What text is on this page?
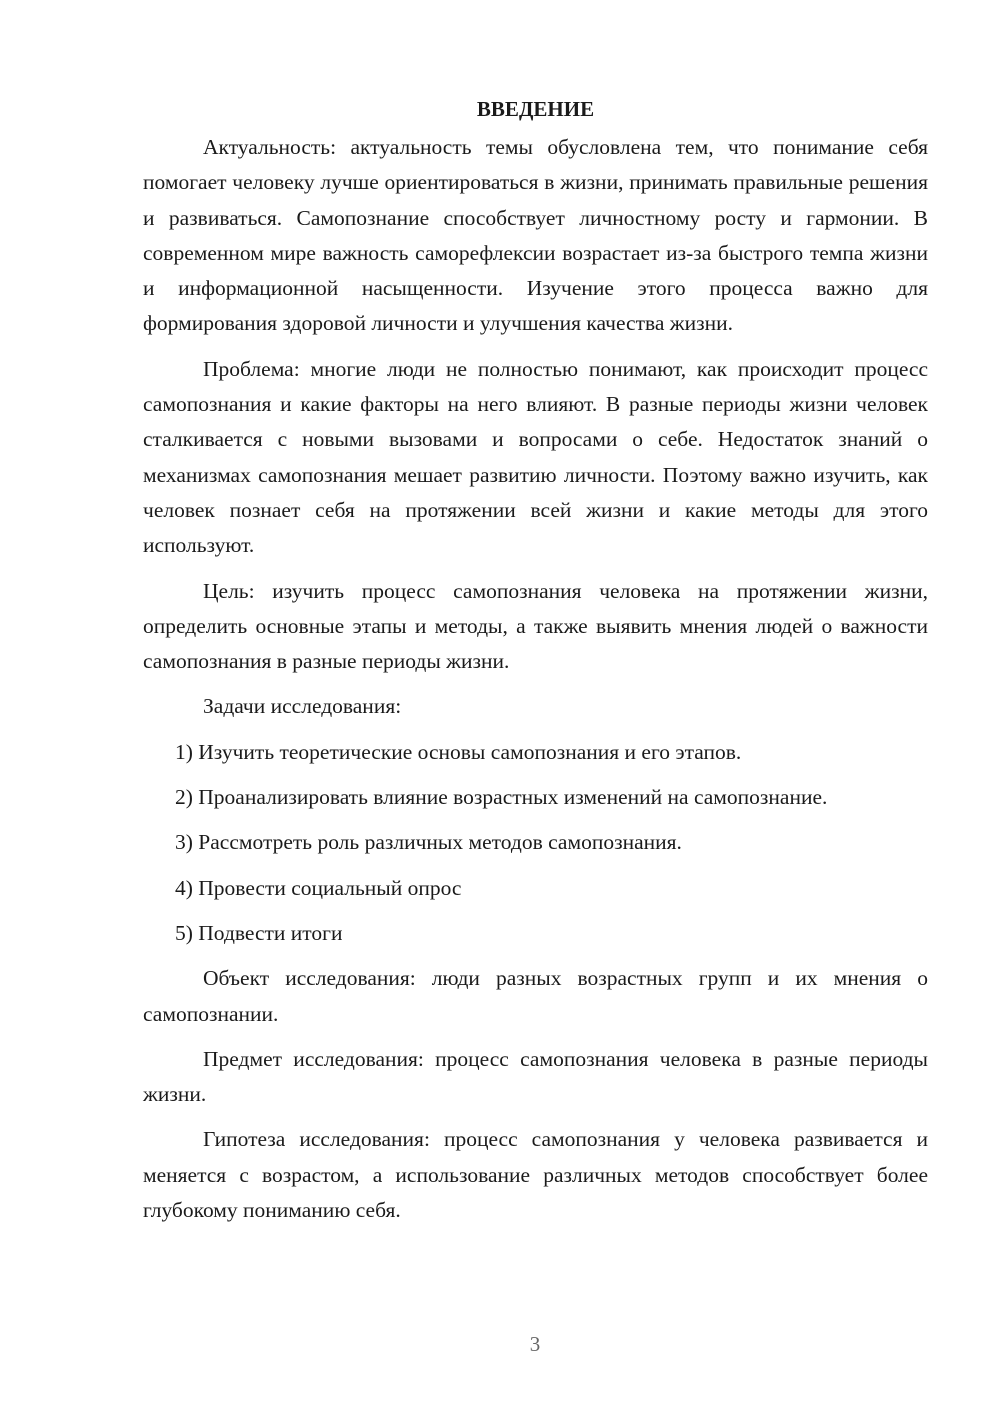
ВВЕДЕНИЕ

Актуальность: актуальность темы обусловлена тем, что понимание себя помогает человеку лучше ориентироваться в жизни, принимать правильные решения и развиваться. Самопознание способствует личностному росту и гармонии. В современном мире важность саморефлексии возрастает из-за быстрого темпа жизни и информационной насыщенности. Изучение этого процесса важно для формирования здоровой личности и улучшения качества жизни.

Проблема: многие люди не полностью понимают, как происходит процесс самопознания и какие факторы на него влияют. В разные периоды жизни человек сталкивается с новыми вызовами и вопросами о себе. Недостаток знаний о механизмах самопознания мешает развитию личности. Поэтому важно изучить, как человек познает себя на протяжении всей жизни и какие методы для этого используют.

Цель: изучить процесс самопознания человека на протяжении жизни, определить основные этапы и методы, а также выявить мнения людей о важности самопознания в разные периоды жизни.

Задачи исследования:

1) Изучить теоретические основы самопознания и его этапов.

2) Проанализировать влияние возрастных изменений на самопознание.

3) Рассмотреть роль различных методов самопознания.

4) Провести социальный опрос

5) Подвести итоги

Объект исследования: люди разных возрастных групп и их мнения о самопознании.

Предмет исследования: процесс самопознания человека в разные периоды жизни.

Гипотеза исследования: процесс самопознания у человека развивается и меняется с возрастом, а использование различных методов способствует более глубокому пониманию себя.

3
